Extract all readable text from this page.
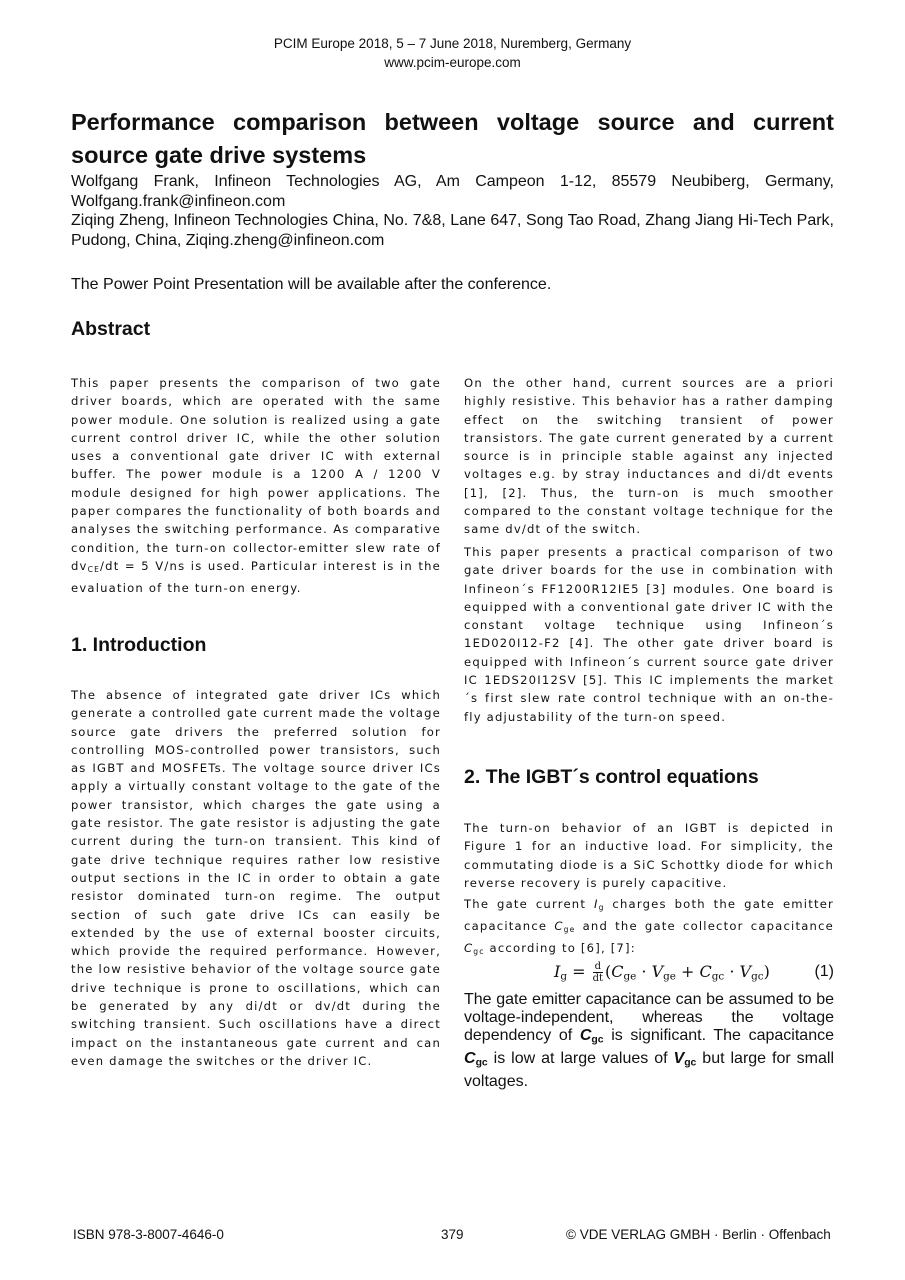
PCIM Europe 2018, 5 – 7 June 2018, Nuremberg, Germany
www.pcim-europe.com
Performance comparison between voltage source and current source gate drive systems

Wolfgang Frank, Infineon Technologies AG, Am Campeon 1-12, 85579 Neubiberg, Germany, Wolfgang.frank@infineon.com

Ziqing Zheng, Infineon Technologies China, No. 7&8, Lane 647, Song Tao Road, Zhang Jiang Hi-Tech Park, Pudong, China, Ziqing.zheng@infineon.com

The Power Point Presentation will be available after the conference.
Abstract

This paper presents the comparison of two gate driver boards, which are operated with the same power module. One solution is realized using a gate current control driver IC, while the other solution uses a conventional gate driver IC with external buffer. The power module is a 1200 A / 1200 V module designed for high power applications. The paper compares the functionality of both boards and analyses the switching performance. As comparative condition, the turn-on collector-emitter slew rate of $dv_{CE}/dt = 5$ V/ns is used. Particular interest is in the evaluation of the turn-on energy.

1. Introduction

The absence of integrated gate driver ICs which generate a controlled gate current made the voltage source gate drivers the preferred solution for controlling MOS-controlled power transistors, such as IGBT and MOSFETs. The voltage source driver ICs apply a virtually constant voltage to the gate of the power transistor, which charges the gate using a gate resistor. The gate resistor is adjusting the gate current during the turn-on transient. This kind of gate drive technique requires rather low resistive output sections in the IC in order to obtain a gate resistor dominated turn-on regime. The output section of such gate drive ICs can easily be extended by the use of external booster circuits, which provide the required performance. However, the low resistive behavior of the voltage source gate drive technique is prone to oscillations, which can be generated by any di/dt or dv/dt during the switching transient. Such oscillations have a direct impact on the instantaneous gate current and can even damage the switches or the driver IC.

On the other hand, current sources are a priori highly resistive. This behavior has a rather damping effect on the switching transient of power transistors. The gate current generated by a current source is in principle stable against any injected voltages e.g. by stray inductances and di/dt events [1], [2]. Thus, the turn-on is much smoother compared to the constant voltage technique for the same dv/dt of the switch.

This paper presents a practical comparison of two gate driver boards for the use in combination with Infineon´s FF1200R12IE5 [3] modules. One board is equipped with a conventional gate driver IC with the constant voltage technique using Infineon´s 1ED020I12-F2 [4]. The other gate driver board is equipped with Infineon´s current source gate driver IC 1EDS20I12SV [5]. This IC implements the market´s first slew rate control technique with an on-the-fly adjustability of the turn-on speed.

2. The IGBT´s control equations

The turn-on behavior of an IGBT is depicted in Figure 1 for an inductive load. For simplicity, the commutating diode is a SiC Schottky diode for which reverse recovery is purely capacitive.

The gate current $I_g$ charges both the gate emitter capacitance $C_{ge}$ and the gate collector capacitance $C_{gc}$ according to [6], [7]:

$I_g = \frac{d}{dt} (C_{ge} \cdot V_{ge} + C_{gc} \cdot V_{gc})$	(1)

The gate emitter capacitance can be assumed to be voltage-independent, whereas the voltage dependency of $C_{gc}$ is significant. The capacitance $C_{gc}$ is low at large values of $V_{gc}$ but large for small voltages.

ISBN 978-3-8007-4646-0	379	© VDE VERLAG GMBH · Berlin · Offenbach
